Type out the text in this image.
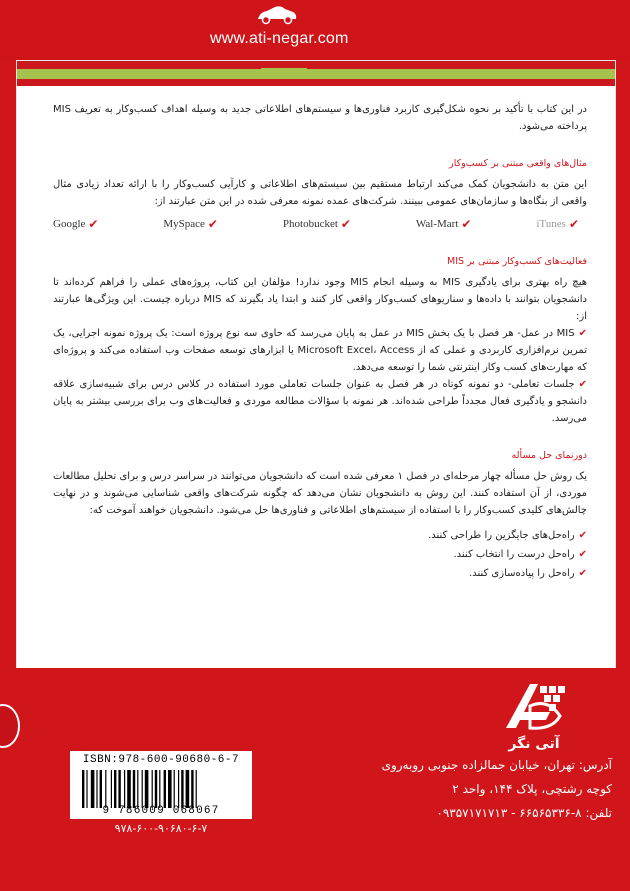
www.ati-negar.com

در این کتاب با تأکید بر نحوه شکل‌گیری کاربرد فناوری‌ها و سیستم‌های اطلاعاتی جدید به وسیله اهداف کسب‌وکار به تعریف MIS پرداخته می‌شود.

مثال‌های واقعی مبتنی بر کسب‌وکار

این متن به دانشجویان کمک می‌کند ارتباط مستقیم بین سیستم‌های اطلاعاتی و کارآیی کسب‌وکار را با ارائه تعداد زیادی مثال واقعی از بنگاه‌ها و سازمان‌های عمومی ببینند. شرکت‌های عمده نمونه معرفی شده در این متن عبارتند از:

Google ✔	MySpace ✔	Photobucket ✔	Wal-Mart ✔	iTunes ✔
فعالیت‌های کسب‌وکار مبتنی بر MIS

هیچ راه بهتری برای یادگیری MIS به وسیله انجام MIS وجود ندارد! مؤلفان این کتاب، پروژه‌های عملی را فراهم کرده‌اند تا دانشجویان بتوانند با داده‌ها و سناریوهای کسب‌وکار واقعی کار کنند و ابتدا یاد بگیرند که MIS درباره چیست. این ویژگی‌ها عبارتند از:

✔MIS در عمل- هر فصل با یک بخش MIS در عمل به پایان می‌رسد که حاوی سه نوع پروژه است: یک پروژه نمونه اجرایی، یک تمرین نرم‌افزاری کاربردی و عملی که از Microsoft Excel، Access یا ابزارهای توسعه صفحات وب استفاده می‌کند و پروژه‌ای که مهارت‌های کسب وکار اینترنتی شما را توسعه می‌دهد.

✔جلسات تعاملی- دو نمونه کوتاه در هر فصل به عنوان جلسات تعاملی مورد استفاده در کلاس درس برای شبیه‌سازی علاقه دانشجو و یادگیری فعال مجدداً طراحی شده‌اند. هر نمونه با سؤالات مطالعه موردی و فعالیت‌های وب برای بررسی بیشتر به پایان می‌رسد.

دورنمای حل مسأله

یک روش حل مسأله چهار مرحله‌ای در فصل ۱ معرفی شده است که دانشجویان می‌توانند در سراسر درس و برای تحلیل مطالعات موردی، از آن استفاده کنند. این روش به دانشجویان نشان می‌دهد که چگونه شرکت‌های واقعی شناسایی می‌شوند و در نهایت چالش‌های کلیدی کسب‌وکار را با استفاده از سیستم‌های اطلاعاتی و فناوری‌ها حل می‌شود. دانشجویان خواهند آموخت که:

✔راه‌حل‌های جایگزین را طراحی کنند.
✔راه‌حل درست را انتخاب کنند.
✔راه‌حل را پیاده‌سازی کنند.
آتی نگر
آدرس: تهران، خیابان جمالزاده جنوبی روبه‌روی
کوچه رشتچی، پلاک ۱۴۴، واحد ۲
تلفن: ۸-۶۶۵۶۵۳۳۶ - ۰۹۳۵۷۱۷۱۷۱۳
ISBN:978-600-90680-6-7
9 786009 068067
۹۷۸-۶۰۰-۹۰۶۸۰-۶-۷
